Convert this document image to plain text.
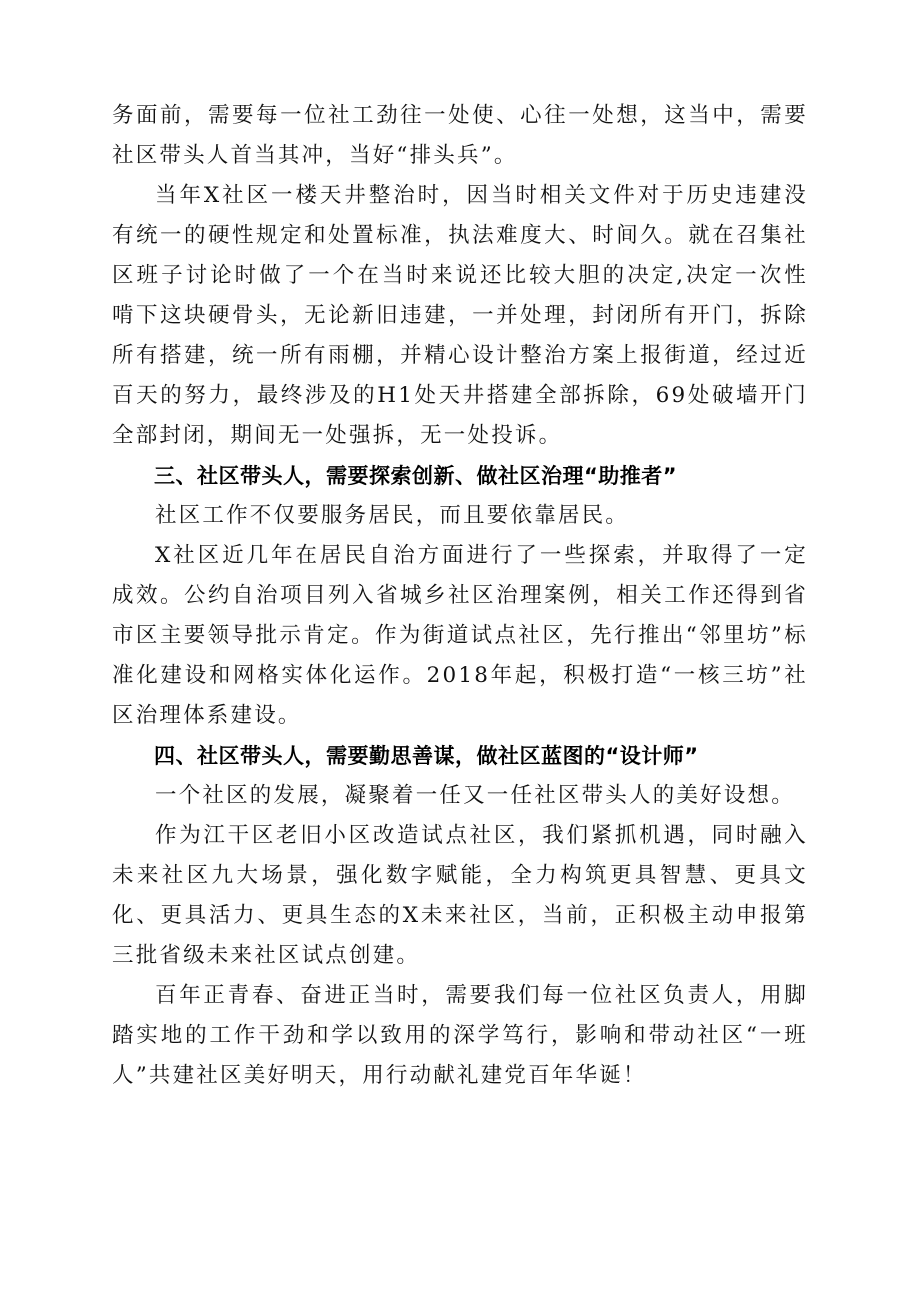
务面前，需要每一位社工劲往一处使、心往一处想，这当中，需要社区带头人首当其冲，当好“排头兵”。

当年X社区一楼天井整治时，因当时相关文件对于历史违建没有统一的硬性规定和处置标准，执法难度大、时间久。就在召集社区班子讨论时做了一个在当时来说还比较大胆的决定,决定一次性啃下这块硬骨头，无论新旧违建，一并处理，封闭所有开门，拆除所有搭建，统一所有雨棚，并精心设计整治方案上报街道，经过近百天的努力，最终涉及的H1处天井搭建全部拆除，69处破墙开门全部封闭，期间无一处强拆，无一处投诉。

三、社区带头人，需要探索创新、做社区治理“助推者”

社区工作不仅要服务居民，而且要依靠居民。

X社区近几年在居民自治方面进行了一些探索，并取得了一定成效。公约自治项目列入省城乡社区治理案例，相关工作还得到省市区主要领导批示肯定。作为街道试点社区，先行推出“邻里坊”标准化建设和网格实体化运作。2018年起，积极打造“一核三坊”社区治理体系建设。

四、社区带头人，需要勤思善谋，做社区蓝图的“设计师”

一个社区的发展，凝聚着一任又一任社区带头人的美好设想。

作为江干区老旧小区改造试点社区，我们紧抓机遇，同时融入未来社区九大场景，强化数字赋能，全力构筑更具智慧、更具文化、更具活力、更具生态的X未来社区，当前，正积极主动申报第三批省级未来社区试点创建。

百年正青春、奋进正当时，需要我们每一位社区负责人，用脚踏实地的工作干劲和学以致用的深学笃行，影响和带动社区“一班人”共建社区美好明天，用行动献礼建党百年华诞！
